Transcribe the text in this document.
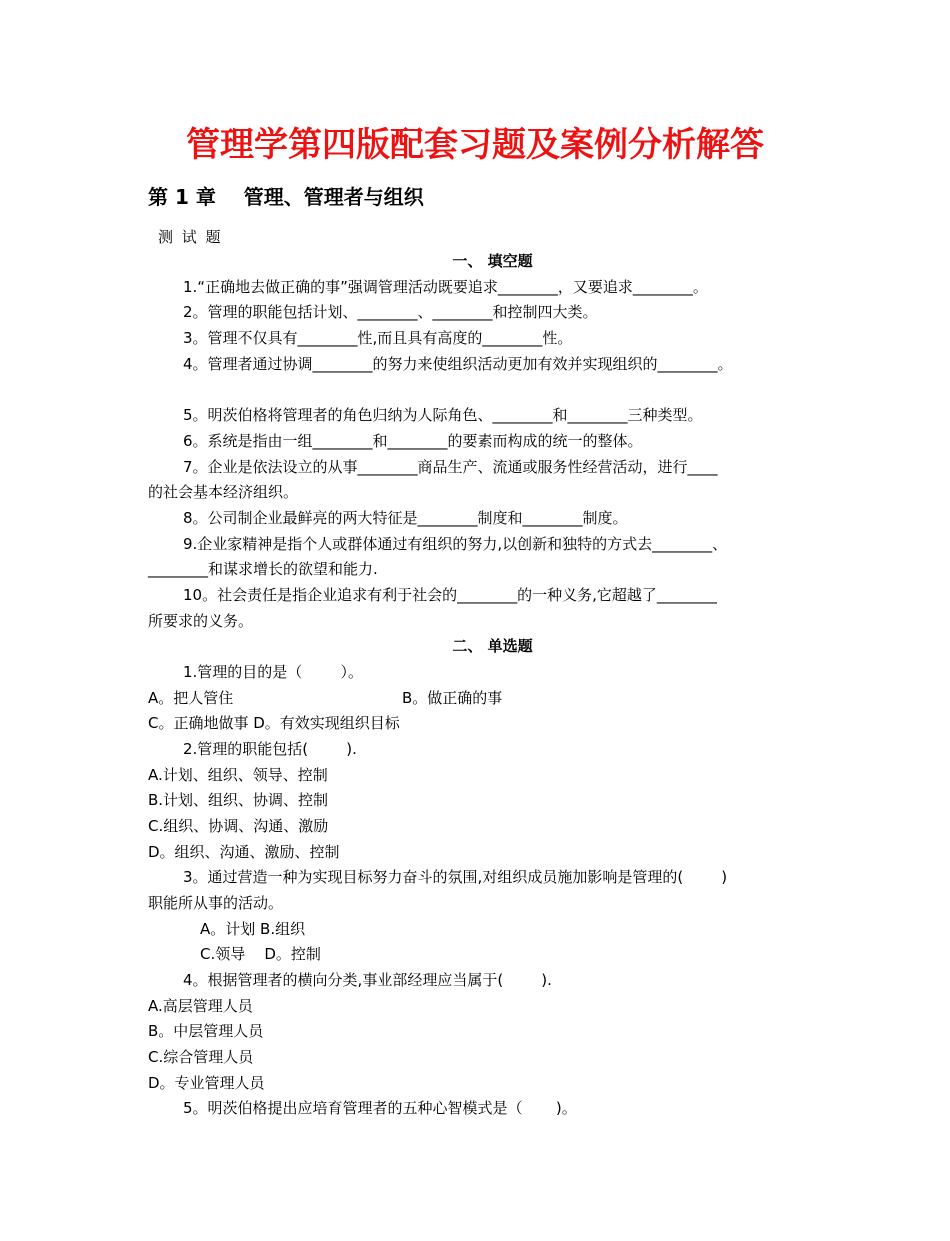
管理学第四版配套习题及案例分析解答
第 1 章    管理、管理者与组织
测 试 题
一、 填空题
1.“正确地去做正确的事”强调管理活动既要追求________，又要追求________。
2。管理的职能包括计划、________、________和控制四大类。
3。管理不仅具有________性,而且具有高度的________性。
4。管理者通过协调________的努力来使组织活动更加有效并实现组织的________。
5。明茨伯格将管理者的角色归纳为人际角色、________和________三种类型。
6。系统是指由一组________和________的要素而构成的统一的整体。
7。企业是依法设立的从事________商品生产、流通或服务性经营活动，进行____
的社会基本经济组织。
8。公司制企业最鲜亮的两大特征是________制度和________制度。
9.企业家精神是指个人或群体通过有组织的努力,以创新和独特的方式去________、
________和谋求增长的欲望和能力.
10。社会责任是指企业追求有利于社会的________的一种义务,它超越了________
所要求的义务。
二、 单选题
1.管理的目的是（        ）。
A。把人管住	B。做正确的事
C。正确地做事 D。有效实现组织目标
2.管理的职能包括(        ).
A.计划、组织、领导、控制
B.计划、组织、协调、控制
C.组织、协调、沟通、激励
D。组织、沟通、激励、控制
3。通过营造一种为实现目标努力奋斗的氛围,对组织成员施加影响是管理的(        )
职能所从事的活动。
A。计划 B.组织
C.领导    D。控制
4。根据管理者的横向分类,事业部经理应当属于(        ).
A.高层管理人员
B。中层管理人员
C.综合管理人员
D。专业管理人员
5。明茨伯格提出应培育管理者的五种心智模式是（       )。
